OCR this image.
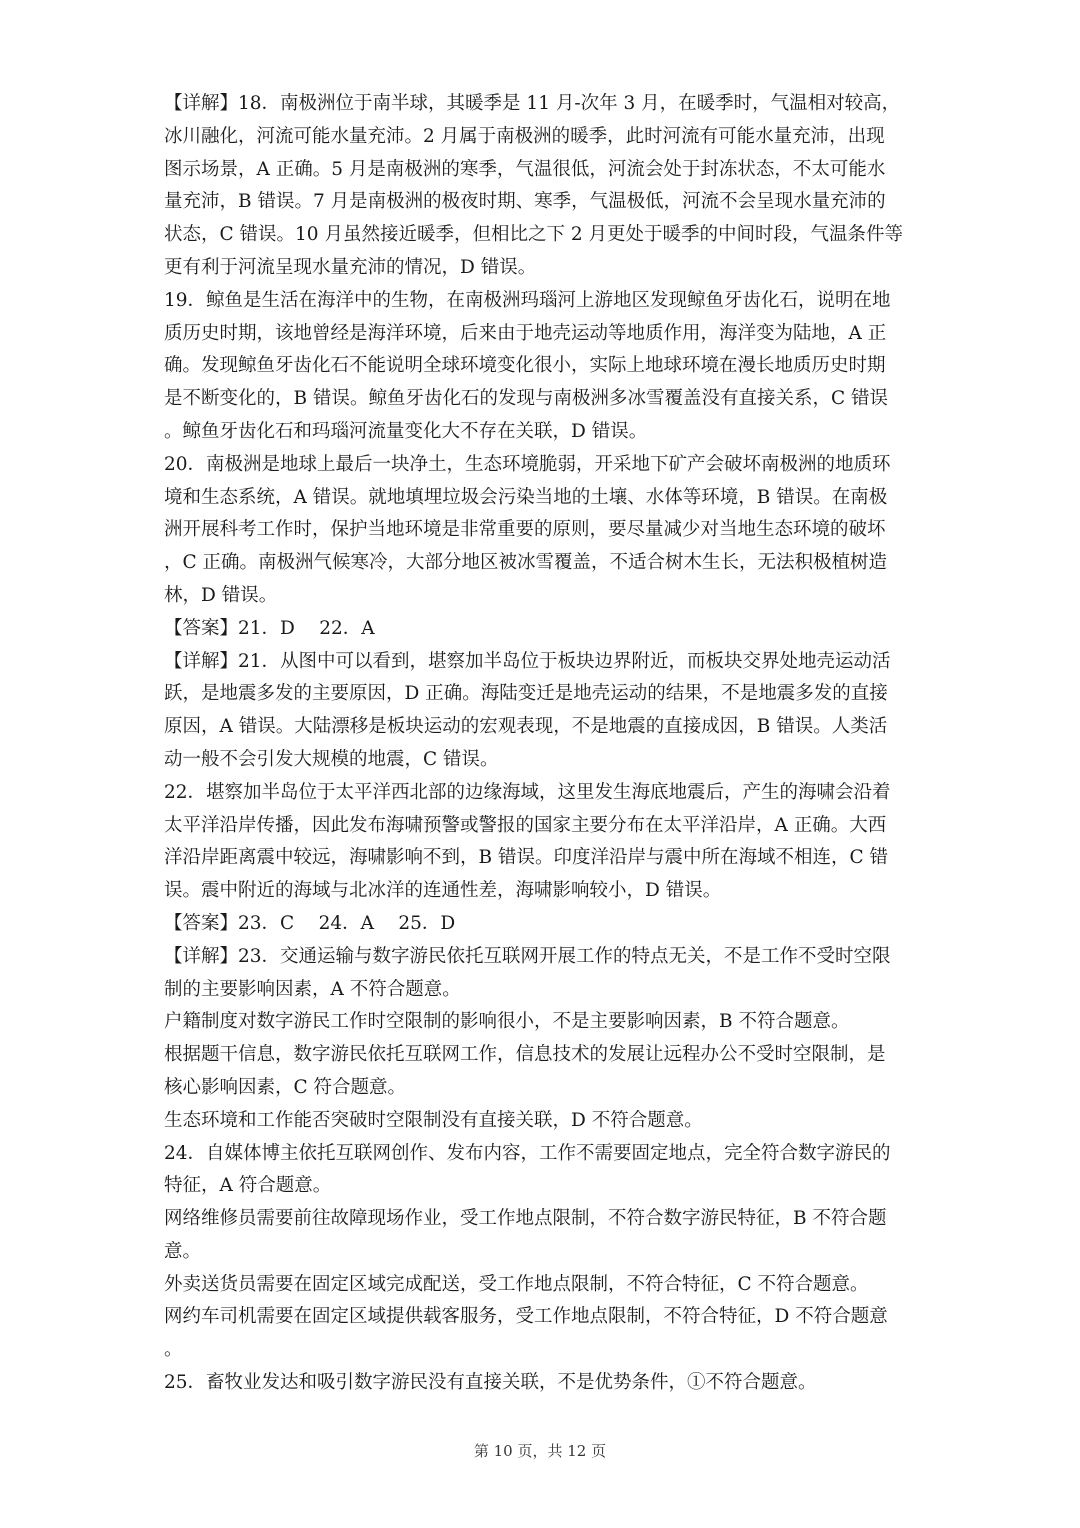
【详解】18．南极洲位于南半球，其暖季是 11 月-次年 3 月，在暖季时，气温相对较高，
冰川融化，河流可能水量充沛。2 月属于南极洲的暖季，此时河流有可能水量充沛，出现
图示场景，A 正确。5 月是南极洲的寒季，气温很低，河流会处于封冻状态，不太可能水
量充沛，B 错误。7 月是南极洲的极夜时期、寒季，气温极低，河流不会呈现水量充沛的
状态，C 错误。10 月虽然接近暖季，但相比之下 2 月更处于暖季的中间时段，气温条件等
更有利于河流呈现水量充沛的情况，D 错误。
19．鲸鱼是生活在海洋中的生物，在南极洲玛瑙河上游地区发现鲸鱼牙齿化石，说明在地
质历史时期，该地曾经是海洋环境，后来由于地壳运动等地质作用，海洋变为陆地，A 正
确。发现鲸鱼牙齿化石不能说明全球环境变化很小，实际上地球环境在漫长地质历史时期
是不断变化的，B 错误。鲸鱼牙齿化石的发现与南极洲多冰雪覆盖没有直接关系，C 错误
。鲸鱼牙齿化石和玛瑙河流量变化大不存在关联，D 错误。
20．南极洲是地球上最后一块净土，生态环境脆弱，开采地下矿产会破坏南极洲的地质环
境和生态系统，A 错误。就地填埋垃圾会污染当地的土壤、水体等环境，B 错误。在南极
洲开展科考工作时，保护当地环境是非常重要的原则，要尽量减少对当地生态环境的破坏
，C 正确。南极洲气候寒冷，大部分地区被冰雪覆盖，不适合树木生长，无法积极植树造
林，D 错误。
【答案】21．D　 22．A
【详解】21．从图中可以看到，堪察加半岛位于板块边界附近，而板块交界处地壳运动活
跃，是地震多发的主要原因，D 正确。海陆变迁是地壳运动的结果，不是地震多发的直接
原因，A 错误。大陆漂移是板块运动的宏观表现，不是地震的直接成因，B 错误。人类活
动一般不会引发大规模的地震，C 错误。
22．堪察加半岛位于太平洋西北部的边缘海域，这里发生海底地震后，产生的海啸会沿着
太平洋沿岸传播，因此发布海啸预警或警报的国家主要分布在太平洋沿岸，A 正确。大西
洋沿岸距离震中较远，海啸影响不到，B 错误。印度洋沿岸与震中所在海域不相连，C 错
误。震中附近的海域与北冰洋的连通性差，海啸影响较小，D 错误。
【答案】23．C　 24．A　 25．D
【详解】23．交通运输与数字游民依托互联网开展工作的特点无关，不是工作不受时空限
制的主要影响因素，A 不符合题意。
户籍制度对数字游民工作时空限制的影响很小，不是主要影响因素，B 不符合题意。
根据题干信息，数字游民依托互联网工作，信息技术的发展让远程办公不受时空限制，是
核心影响因素，C 符合题意。
生态环境和工作能否突破时空限制没有直接关联，D 不符合题意。
24．自媒体博主依托互联网创作、发布内容，工作不需要固定地点，完全符合数字游民的
特征，A 符合题意。
网络维修员需要前往故障现场作业，受工作地点限制，不符合数字游民特征，B 不符合题
意。
外卖送货员需要在固定区域完成配送，受工作地点限制，不符合特征，C 不符合题意。
网约车司机需要在固定区域提供载客服务，受工作地点限制，不符合特征，D 不符合题意
。
25．畜牧业发达和吸引数字游民没有直接关联，不是优势条件，①不符合题意。
第 10 页，共 12 页
